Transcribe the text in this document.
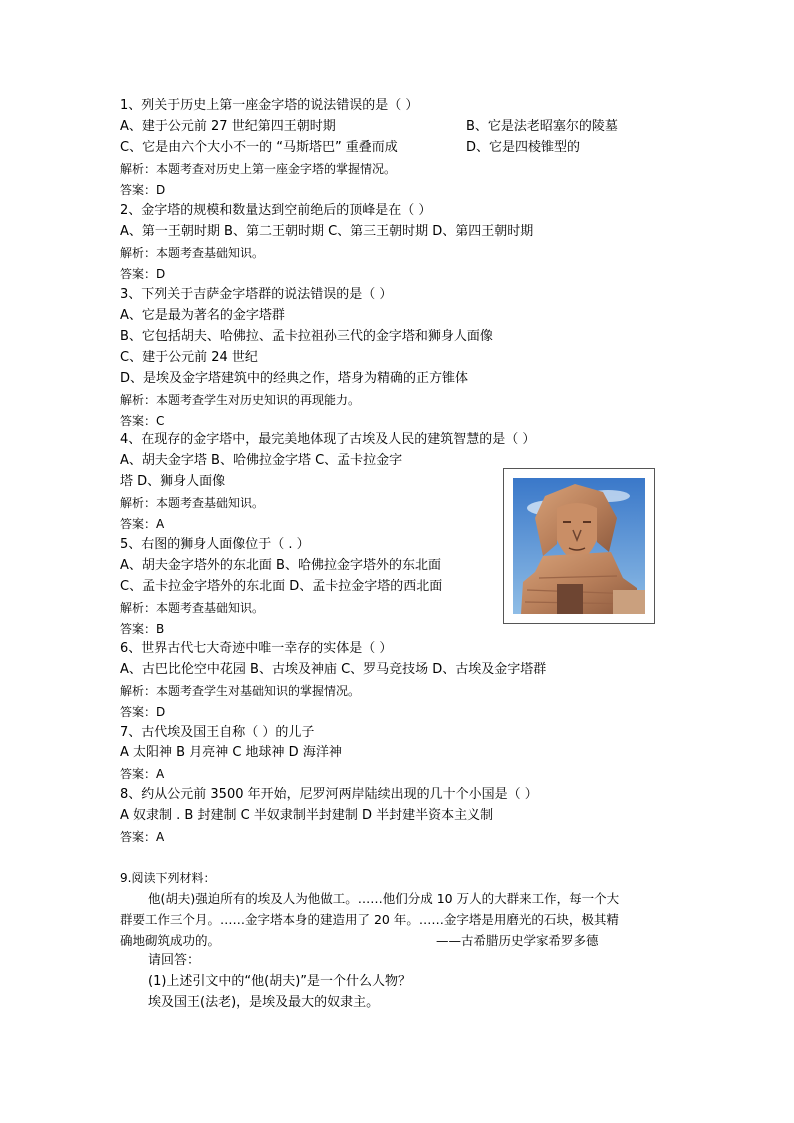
1、列关于历史上第一座金字塔的说法错误的是（ ）
A、建于公元前 27 世纪第四王朝时期	B、它是法老昭塞尔的陵墓
C、它是由六个大小不一的 “马斯塔巴” 重叠而成	D、它是四棱锥型的
解析：本题考查对历史上第一座金字塔的掌握情况。
答案：D
2、金字塔的规模和数量达到空前绝后的顶峰是在（ ）
A、第一王朝时期 B、第二王朝时期 C、第三王朝时期 D、第四王朝时期
解析：本题考查基础知识。
答案：D
3、下列关于吉萨金字塔群的说法错误的是（ ）
A、它是最为著名的金字塔群
B、它包括胡夫、哈佛拉、孟卡拉祖孙三代的金字塔和狮身人面像
C、建于公元前 24 世纪
D、是埃及金字塔建筑中的经典之作，塔身为精确的正方锥体
解析：本题考查学生对历史知识的再现能力。
答案：C
4、在现存的金字塔中，最完美地体现了古埃及人民的建筑智慧的是（ ）
A、胡夫金字塔 B、哈佛拉金字塔 C、孟卡拉金字
塔 D、狮身人面像
解析：本题考查基础知识。
答案：A
5、右图的狮身人面像位于（ . ）
A、胡夫金字塔外的东北面 B、哈佛拉金字塔外的东北面
C、孟卡拉金字塔外的东北面 D、孟卡拉金字塔的西北面
解析：本题考查基础知识。
答案：B
6、世界古代七大奇迹中唯一幸存的实体是（ ）
A、古巴比伦空中花园 B、古埃及神庙 C、罗马竞技场 D、古埃及金字塔群
解析：本题考查学生对基础知识的掌握情况。
答案：D
7、古代埃及国王自称（ ）的儿子
A 太阳神 B 月亮神 C 地球神 D 海洋神
答案：A
8、约从公元前 3500 年开始，尼罗河两岸陆续出现的几十个小国是（ ）
A 奴隶制 . B 封建制 C 半奴隶制半封建制 D 半封建半资本主义制
答案：A
9.阅读下列材料：
他(胡夫)强迫所有的埃及人为他做工。……他们分成 10 万人的大群来工作，每一个大
群要工作三个月。……金字塔本身的建造用了 20 年。……金字塔是用磨光的石块，极其精
确地砌筑成功的。	——古希腊历史学家希罗多德
请回答：
(1)上述引文中的“他(胡夫)”是一个什么人物？
埃及国王(法老)，是埃及最大的奴隶主。
